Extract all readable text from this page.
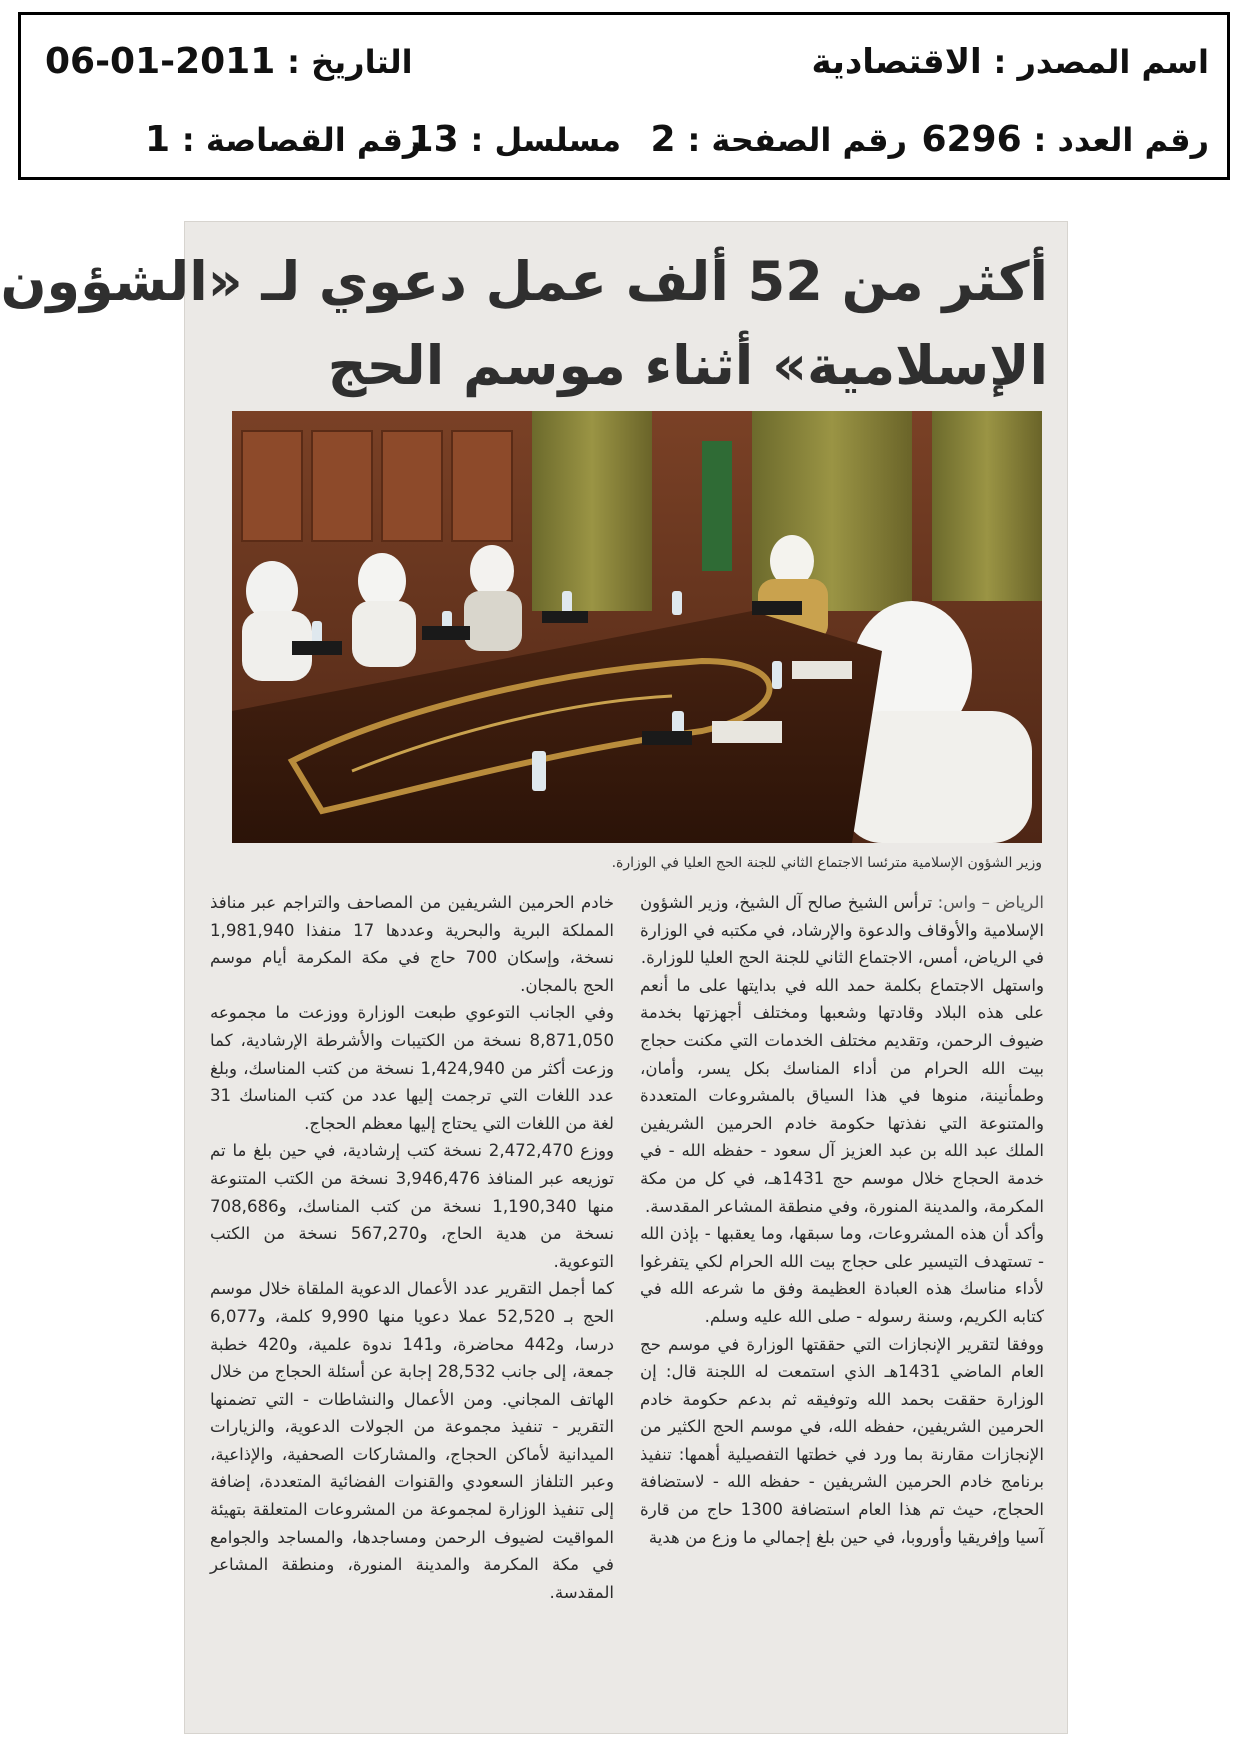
اسم المصدر : الاقتصادية
التاريخ : 06-01-2011
رقم العدد : 6296
رقم الصفحة : 2
مسلسل : 13
رقم القصاصة : 1
أكثر من 52 ألف عمل دعوي لـ «الشؤون
الإسلامية» أثناء موسم الحج
وزير الشؤون الإسلامية مترئسا الاجتماع الثاني للجنة الحج العليا في الوزارة.

الرياض – واس: ترأس الشيخ صالح آل الشيخ، وزير الشؤون الإسلامية والأوقاف والدعوة والإرشاد، في مكتبه في الوزارة في الرياض، أمس، الاجتماع الثاني للجنة الحج العليا للوزارة.

واستهل الاجتماع بكلمة حمد الله في بدايتها على ما أنعم على هذه البلاد وقادتها وشعبها ومختلف أجهزتها بخدمة ضيوف الرحمن، وتقديم مختلف الخدمات التي مكنت حجاج بيت الله الحرام من أداء المناسك بكل يسر، وأمان، وطمأنينة، منوها في هذا السياق بالمشروعات المتعددة والمتنوعة التي نفذتها حكومة خادم الحرمين الشريفين الملك عبد الله بن عبد العزيز آل سعود - حفظه الله - في خدمة الحجاج خلال موسم حج 1431هـ، في كل من مكة المكرمة، والمدينة المنورة، وفي منطقة المشاعر المقدسة.

وأكد أن هذه المشروعات، وما سبقها، وما يعقبها - بإذن الله - تستهدف التيسير على حجاج بيت الله الحرام لكي يتفرغوا لأداء مناسك هذه العبادة العظيمة وفق ما شرعه الله في كتابه الكريم، وسنة رسوله - صلى الله عليه وسلم.

ووفقا لتقرير الإنجازات التي حققتها الوزارة في موسم حج العام الماضي 1431هـ الذي استمعت له اللجنة قال: إن الوزارة حققت بحمد الله وتوفيقه ثم بدعم حكومة خادم الحرمين الشريفين، حفظه الله، في موسم الحج الكثير من الإنجازات مقارنة بما ورد في خطتها التفصيلية أهمها: تنفيذ برنامج خادم الحرمين الشريفين - حفظه الله - لاستضافة الحجاج، حيث تم هذا العام استضافة 1300 حاج من قارة آسيا وإفريقيا وأوروبا، في حين بلغ إجمالي ما وزع من هدية

خادم الحرمين الشريفين من المصاحف والتراجم عبر منافذ المملكة البرية والبحرية وعددها 17 منفذا 1,981,940 نسخة، وإسكان 700 حاج في مكة المكرمة أيام موسم الحج بالمجان.

وفي الجانب التوعوي طبعت الوزارة ووزعت ما مجموعه 8,871,050 نسخة من الكتيبات والأشرطة الإرشادية، كما وزعت أكثر من 1,424,940 نسخة من كتب المناسك، وبلغ عدد اللغات التي ترجمت إليها عدد من كتب المناسك 31 لغة من اللغات التي يحتاج إليها معظم الحجاج.

ووزع 2,472,470 نسخة كتب إرشادية، في حين بلغ ما تم توزيعه عبر المنافذ 3,946,476 نسخة من الكتب المتنوعة منها 1,190,340 نسخة من كتب المناسك، و708,686 نسخة من هدية الحاج، و567,270 نسخة من الكتب التوعوية.

كما أجمل التقرير عدد الأعمال الدعوية الملقاة خلال موسم الحج بـ 52,520 عملا دعويا منها 9,990 كلمة، و6,077 درسا، و442 محاضرة، و141 ندوة علمية، و420 خطبة جمعة، إلى جانب 28,532 إجابة عن أسئلة الحجاج من خلال الهاتف المجاني. ومن الأعمال والنشاطات - التي تضمنها التقرير - تنفيذ مجموعة من الجولات الدعوية، والزيارات الميدانية لأماكن الحجاج، والمشاركات الصحفية، والإذاعية، وعبر التلفاز السعودي والقنوات الفضائية المتعددة، إضافة إلى تنفيذ الوزارة لمجموعة من المشروعات المتعلقة بتهيئة المواقيت لضيوف الرحمن ومساجدها، والمساجد والجوامع في مكة المكرمة والمدينة المنورة، ومنطقة المشاعر المقدسة.
